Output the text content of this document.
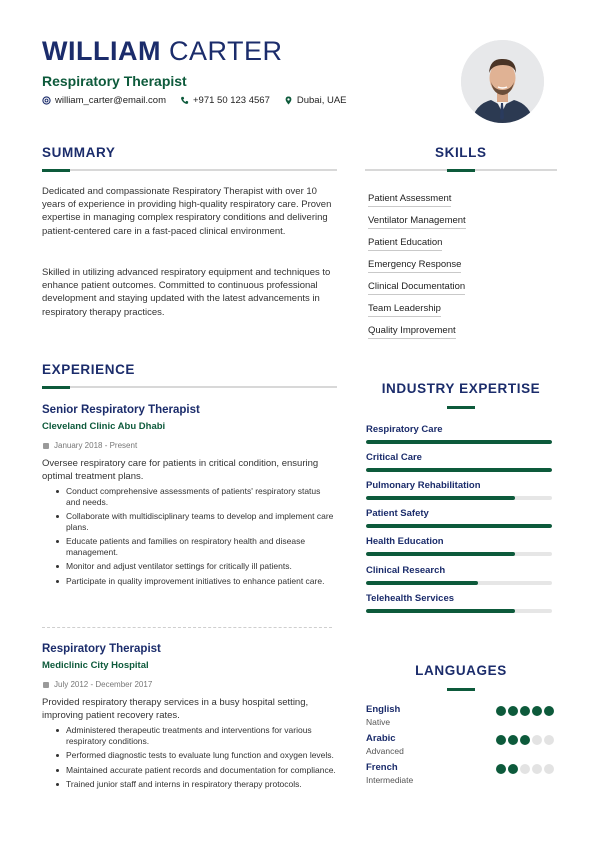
WILLIAM CARTER
Respiratory Therapist
william_carter@email.com	+971 50 123 4567	Dubai, UAE
SUMMARY
Dedicated and compassionate Respiratory Therapist with over 10 years of experience in providing high-quality respiratory care. Proven expertise in managing complex respiratory conditions and delivering patient-centered care in a fast-paced clinical environment.
Skilled in utilizing advanced respiratory equipment and techniques to enhance patient outcomes. Committed to continuous professional development and staying updated with the latest advancements in respiratory therapy practices.
SKILLS
Patient Assessment
Ventilator Management
Patient Education
Emergency Response
Clinical Documentation
Team Leadership
Quality Improvement
EXPERIENCE
Senior Respiratory Therapist
Cleveland Clinic Abu Dhabi
January 2018 - Present
Oversee respiratory care for patients in critical condition, ensuring optimal treatment plans.
Conduct comprehensive assessments of patients' respiratory status and needs.
Collaborate with multidisciplinary teams to develop and implement care plans.
Educate patients and families on respiratory health and disease management.
Monitor and adjust ventilator settings for critically ill patients.
Participate in quality improvement initiatives to enhance patient care.
Respiratory Therapist
Mediclinic City Hospital
July 2012 - December 2017
Provided respiratory therapy services in a busy hospital setting, improving patient recovery rates.
Administered therapeutic treatments and interventions for various respiratory conditions.
Performed diagnostic tests to evaluate lung function and oxygen levels.
Maintained accurate patient records and documentation for compliance.
Trained junior staff and interns in respiratory therapy protocols.
INDUSTRY EXPERTISE
Respiratory Care
Critical Care
Pulmonary Rehabilitation
Patient Safety
Health Education
Clinical Research
Telehealth Services
LANGUAGES
English
Native
Arabic
Advanced
French
Intermediate
